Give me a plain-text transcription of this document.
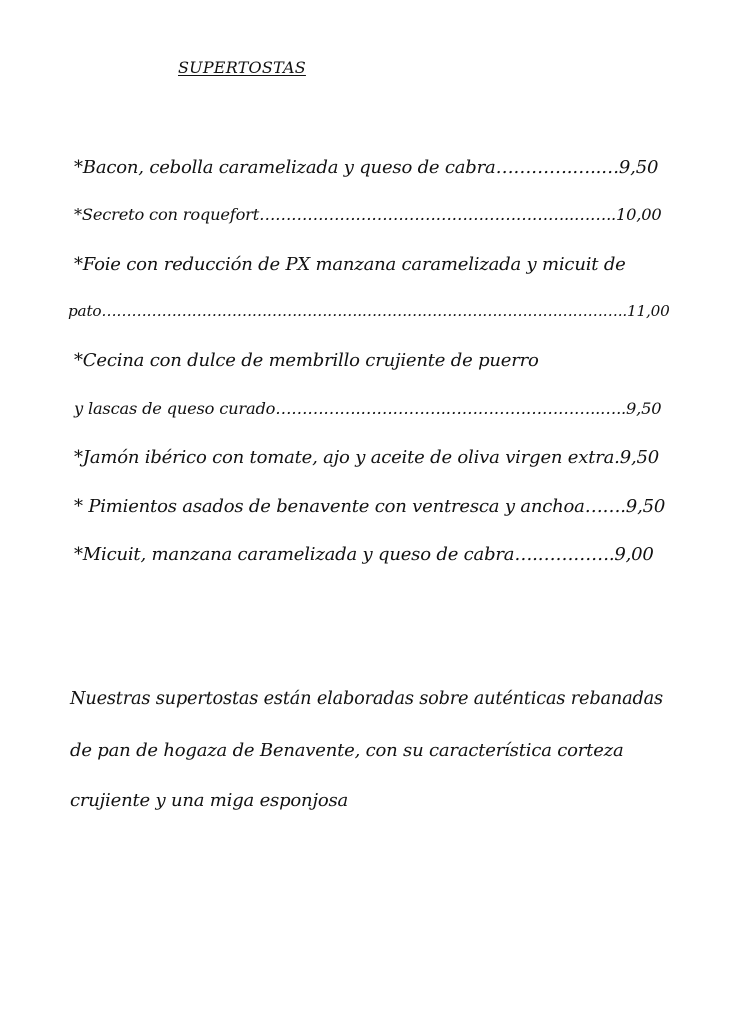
SUPERTOSTAS
*Bacon, cebolla caramelizada y queso de cabra………….…..…9,50
*Secreto con roquefort…………………………………………………..……..10,00
*Foie con reducción de PX manzana caramelizada y micuit de
pato…………………………………………….……………………………………………..11,00
*Cecina con dulce de membrillo crujiente de puerro
y lascas de queso curado…………….…………….………………………..…..9,50
*Jamón ibérico con tomate, ajo y aceite de oliva virgen extra.9,50
* Pimientos asados de benavente con ventresca y anchoa…….9,50
*Micuit, manzana caramelizada y queso de cabra….………….9,00
Nuestras supertostas están elaboradas sobre auténticas rebanadas
de pan de hogaza de Benavente, con su característica corteza
crujiente y una miga esponjosa
